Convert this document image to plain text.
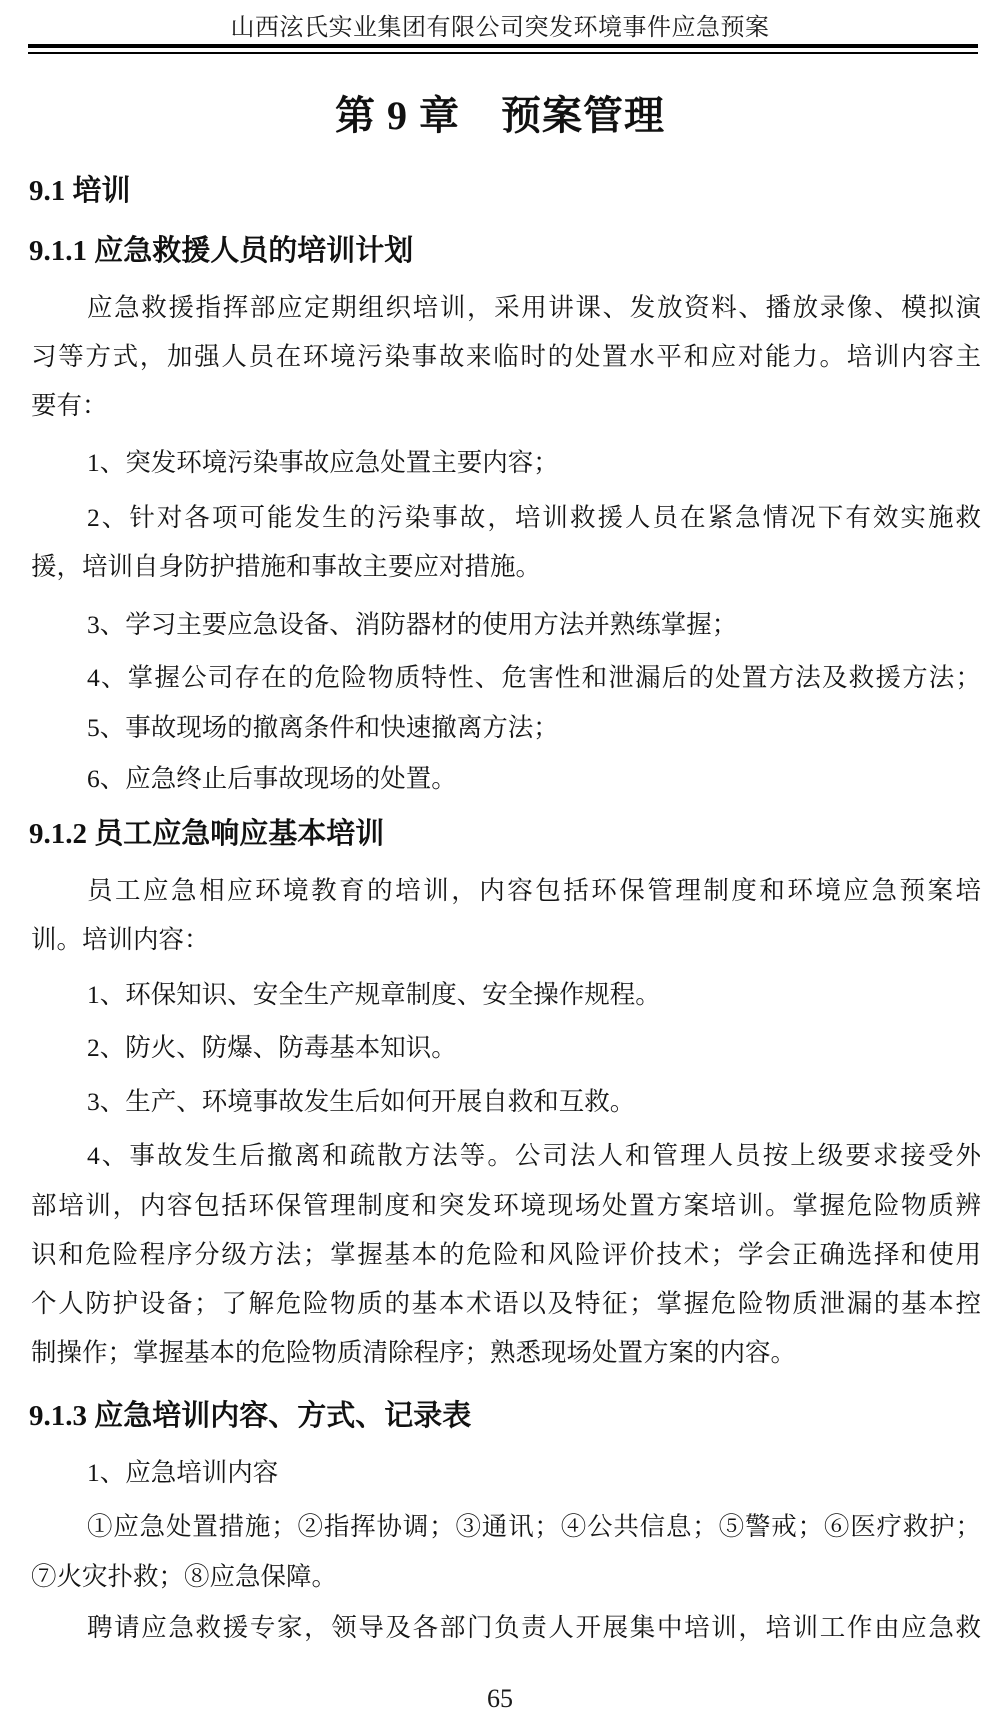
山西泫氏实业集团有限公司突发环境事件应急预案
第 9 章　预案管理
9.1 培训
9.1.1 应急救援人员的培训计划
应急救援指挥部应定期组织培训，采用讲课、发放资料、播放录像、模拟演
习等方式，加强人员在环境污染事故来临时的处置水平和应对能力。培训内容主
要有：
1、突发环境污染事故应急处置主要内容；
2、针对各项可能发生的污染事故，培训救援人员在紧急情况下有效实施救
援，培训自身防护措施和事故主要应对措施。
3、学习主要应急设备、消防器材的使用方法并熟练掌握；
4、掌握公司存在的危险物质特性、危害性和泄漏后的处置方法及救援方法；
5、事故现场的撤离条件和快速撤离方法；
6、应急终止后事故现场的处置。
9.1.2 员工应急响应基本培训
员工应急相应环境教育的培训，内容包括环保管理制度和环境应急预案培
训。培训内容：
1、环保知识、安全生产规章制度、安全操作规程。
2、防火、防爆、防毒基本知识。
3、生产、环境事故发生后如何开展自救和互救。
4、事故发生后撤离和疏散方法等。公司法人和管理人员按上级要求接受外
部培训，内容包括环保管理制度和突发环境现场处置方案培训。掌握危险物质辨
识和危险程序分级方法；掌握基本的危险和风险评价技术；学会正确选择和使用
个人防护设备；了解危险物质的基本术语以及特征；掌握危险物质泄漏的基本控
制操作；掌握基本的危险物质清除程序；熟悉现场处置方案的内容。
9.1.3 应急培训内容、方式、记录表
1、应急培训内容
①应急处置措施；②指挥协调；③通讯；④公共信息；⑤警戒；⑥医疗救护；
⑦火灾扑救；⑧应急保障。
聘请应急救援专家，领导及各部门负责人开展集中培训，培训工作由应急救
65
